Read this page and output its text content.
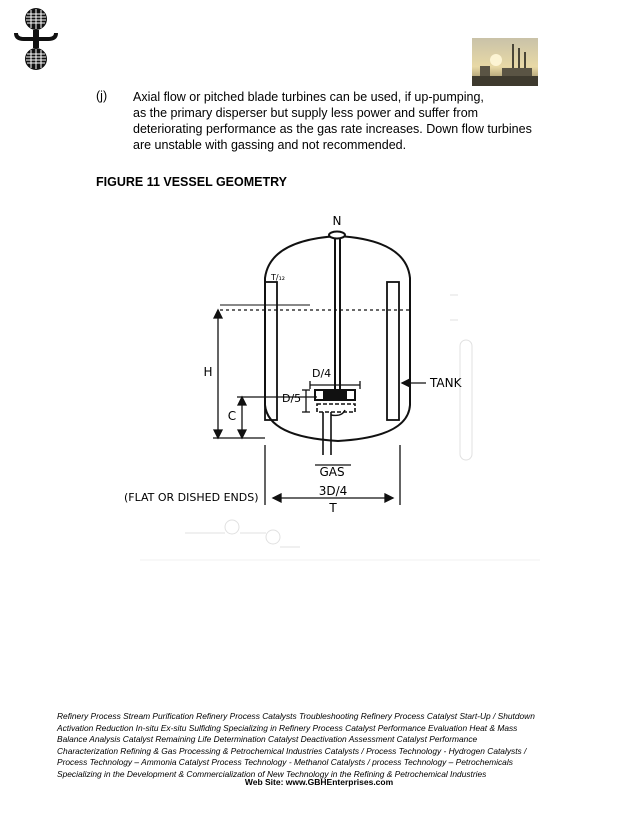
(j) Axial flow or pitched blade turbines can be used, if up-pumping,
as the primary disperser but supply less power and suffer from
deteriorating performance as the gas rate increases. Down flow turbines
are unstable with gassing and not recommended.
FIGURE 11 VESSEL GEOMETRY
N
TANK
H
C
D/4
D/5
GAS
3D/4
T
(FLAT OR DISHED ENDS)
T/₁₂
Refinery Process Stream Purification Refinery Process Catalysts Troubleshooting Refinery Process Catalyst Start-Up / Shutdown
Activation Reduction In-situ Ex-situ Sulfiding Specializing in Refinery Process Catalyst Performance Evaluation Heat & Mass
Balance Analysis Catalyst Remaining Life Determination Catalyst Deactivation Assessment Catalyst Performance
Characterization Refining & Gas Processing & Petrochemical Industries Catalysts / Process Technology - Hydrogen Catalysts /
Process Technology – Ammonia Catalyst Process Technology - Methanol Catalysts / process Technology – Petrochemicals
Specializing in the Development & Commercialization of New Technology in the Refining & Petrochemical Industries
Web Site: www.GBHEnterprises.com
